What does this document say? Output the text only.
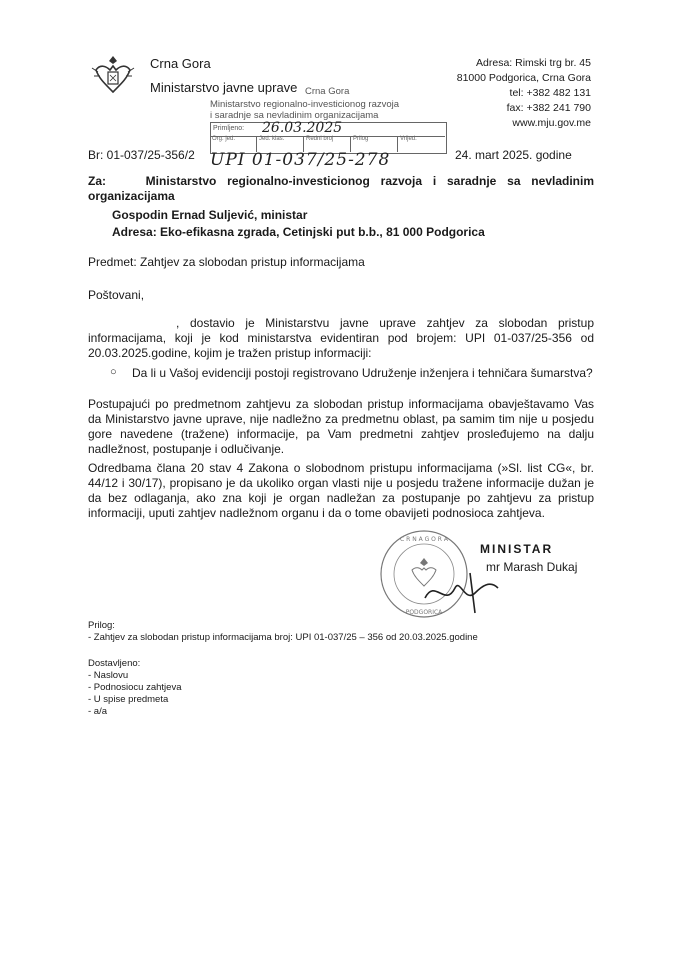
Crna Gora
Ministarstvo javne uprave
Adresa: Rimski trg br. 45
81000 Podgorica, Crna Gora
tel: +382 482 131
fax: +382 241 790
www.mju.gov.me
Crna Gora
Ministarstvo regionalno-investicionog razvoja
i saradnje sa nevladinim organizacijama
Primljeno: 26.03.2025
Org. jed.	Jed. klas.	Redni broj	Prilog	Vrijed.
UPI 01-037/25-278
Br: 01-037/25-356/2	24. mart 2025. godine
Za:	Ministarstvo regionalno-investicionog razvoja i saradnje sa nevladinim organizacijama
Gospodin Ernad Suljević, ministar
Adresa: Eko-efikasna zgrada, Cetinjski put b.b., 81 000 Podgorica
Predmet: Zahtjev za slobodan pristup informacijama
Poštovani,
, dostavio je Ministarstvu javne uprave zahtjev za slobodan pristup informacijama, koji je kod ministarstva evidentiran pod brojem: UPI 01-037/25-356 od 20.03.2025.godine, kojim je tražen pristup informaciji:
○ Da li u Vašoj evidenciji postoji registrovano Udruženje inženjera i tehničara šumarstva?
Postupajući po predmetnom zahtjevu za slobodan pristup informacijama obavještavamo Vas da Ministarstvo javne uprave, nije nadležno za predmetnu oblast, pa samim tim nije u posjedu gore navedene (tražene) informacije, pa Vam predmetni zahtjev prosleđujemo na dalju nadležnost, postupanje i odlučivanje.
Odredbama člana 20 stav 4 Zakona o slobodnom pristupu informacijama (»Sl. list CG«, br. 44/12 i 30/17), propisano je da ukoliko organ vlasti nije u posjedu tražene informacije dužan je da bez odlaganja, ako zna koji je organ nadležan za postupanje po zahtjevu za pristup informaciji, uputi zahtjev nadležnom organu i da o tome obavijeti podnosioca zahtjeva.
C R N A G O R A
PODGORICA
MINISTAR
mr Marash Dukaj
Prilog:
- Zahtjev za slobodan pristup informacijama broj: UPI 01-037/25 – 356 od 20.03.2025.godine
Dostavljeno:
- Naslovu
- Podnosiocu zahtjeva
- U spise predmeta
- a/a
